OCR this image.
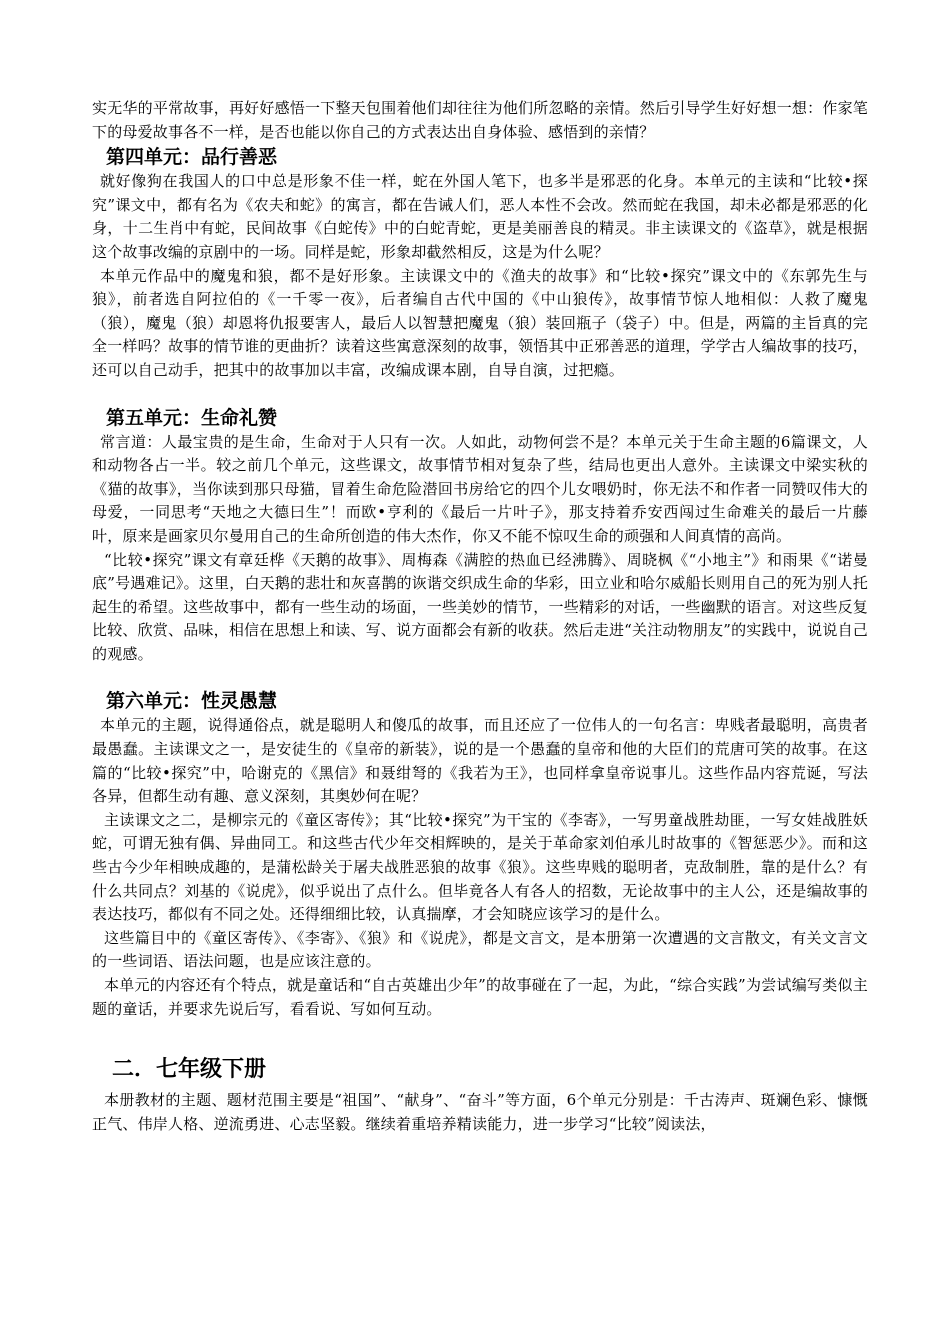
实无华的平常故事，再好好感悟一下整天包围着他们却往往为他们所忽略的亲情。然后引导学生好好想一想：作家笔下的母爱故事各不一样，是否也能以你自己的方式表达出自身体验、感悟到的亲情？

第四单元：品行善恶

就好像狗在我国人的口中总是形象不佳一样，蛇在外国人笔下，也多半是邪恶的化身。本单元的主读和“比较•探究”课文中，都有名为《农夫和蛇》的寓言，都在告诫人们，恶人本性不会改。然而蛇在我国，却未必都是邪恶的化身，十二生肖中有蛇，民间故事《白蛇传》中的白蛇青蛇，更是美丽善良的精灵。非主读课文的《盗草》，就是根据这个故事改编的京剧中的一场。同样是蛇，形象却截然相反，这是为什么呢？

本单元作品中的魔鬼和狼，都不是好形象。主读课文中的《渔夫的故事》和“比较•探究”课文中的《东郭先生与狼》，前者选自阿拉伯的《一千零一夜》，后者编自古代中国的《中山狼传》，故事情节惊人地相似：人救了魔鬼（狼），魔鬼（狼）却恩将仇报要害人，最后人以智慧把魔鬼（狼）装回瓶子（袋子）中。但是，两篇的主旨真的完全一样吗？故事的情节谁的更曲折？读着这些寓意深刻的故事，领悟其中正邪善恶的道理，学学古人编故事的技巧，还可以自己动手，把其中的故事加以丰富，改编成课本剧，自导自演，过把瘾。

第五单元：生命礼赞

常言道：人最宝贵的是生命，生命对于人只有一次。人如此，动物何尝不是？本单元关于生命主题的6篇课文，人和动物各占一半。较之前几个单元，这些课文，故事情节相对复杂了些，结局也更出人意外。主读课文中梁实秋的《猫的故事》，当你读到那只母猫，冒着生命危险潜回书房给它的四个儿女喂奶时，你无法不和作者一同赞叹伟大的母爱，一同思考“天地之大德曰生”！而欧•亨利的《最后一片叶子》，那支持着乔安西闯过生命难关的最后一片藤叶，原来是画家贝尔曼用自己的生命所创造的伟大杰作，你又不能不惊叹生命的顽强和人间真情的高尚。

“比较•探究”课文有章廷桦《天鹅的故事》、周梅森《满腔的热血已经沸腾》、周晓枫《“小地主”》和雨果《“诺曼底”号遇难记》。这里，白天鹅的悲壮和灰喜鹊的诙谐交织成生命的华彩，田立业和哈尔威船长则用自己的死为别人托起生的希望。这些故事中，都有一些生动的场面，一些美妙的情节，一些精彩的对话，一些幽默的语言。对这些反复比较、欣赏、品味，相信在思想上和读、写、说方面都会有新的收获。然后走进“关注动物朋友”的实践中，说说自己的观感。

第六单元：性灵愚慧

本单元的主题，说得通俗点，就是聪明人和傻瓜的故事，而且还应了一位伟人的一句名言：卑贱者最聪明，高贵者最愚蠢。主读课文之一，是安徒生的《皇帝的新装》，说的是一个愚蠢的皇帝和他的大臣们的荒唐可笑的故事。在这篇的“比较•探究”中，哈谢克的《黑信》和聂绀弩的《我若为王》，也同样拿皇帝说事儿。这些作品内容荒诞，写法各异，但都生动有趣、意义深刻，其奥妙何在呢？

主读课文之二，是柳宗元的《童区寄传》；其“比较•探究”为干宝的《李寄》，一写男童战胜劫匪，一写女娃战胜妖蛇，可谓无独有偶、异曲同工。和这些古代少年交相辉映的，是关于革命家刘伯承儿时故事的《智惩恶少》。而和这些古今少年相映成趣的，是蒲松龄关于屠夫战胜恶狼的故事《狼》。这些卑贱的聪明者，克敌制胜，靠的是什么？有什么共同点？刘基的《说虎》，似乎说出了点什么。但毕竟各人有各人的招数，无论故事中的主人公，还是编故事的表达技巧，都似有不同之处。还得细细比较，认真揣摩，才会知晓应该学习的是什么。

这些篇目中的《童区寄传》、《李寄》、《狼》和《说虎》，都是文言文，是本册第一次遭遇的文言散文，有关文言文的一些词语、语法问题，也是应该注意的。

本单元的内容还有个特点，就是童话和“自古英雄出少年”的故事碰在了一起，为此，“综合实践”为尝试编写类似主题的童话，并要求先说后写，看看说、写如何互动。

二．七年级下册

本册教材的主题、题材范围主要是“祖国”、“献身”、“奋斗”等方面，6个单元分别是：千古涛声、斑斓色彩、慷慨正气、伟岸人格、逆流勇进、心志坚毅。继续着重培养精读能力，进一步学习“比较”阅读法，
